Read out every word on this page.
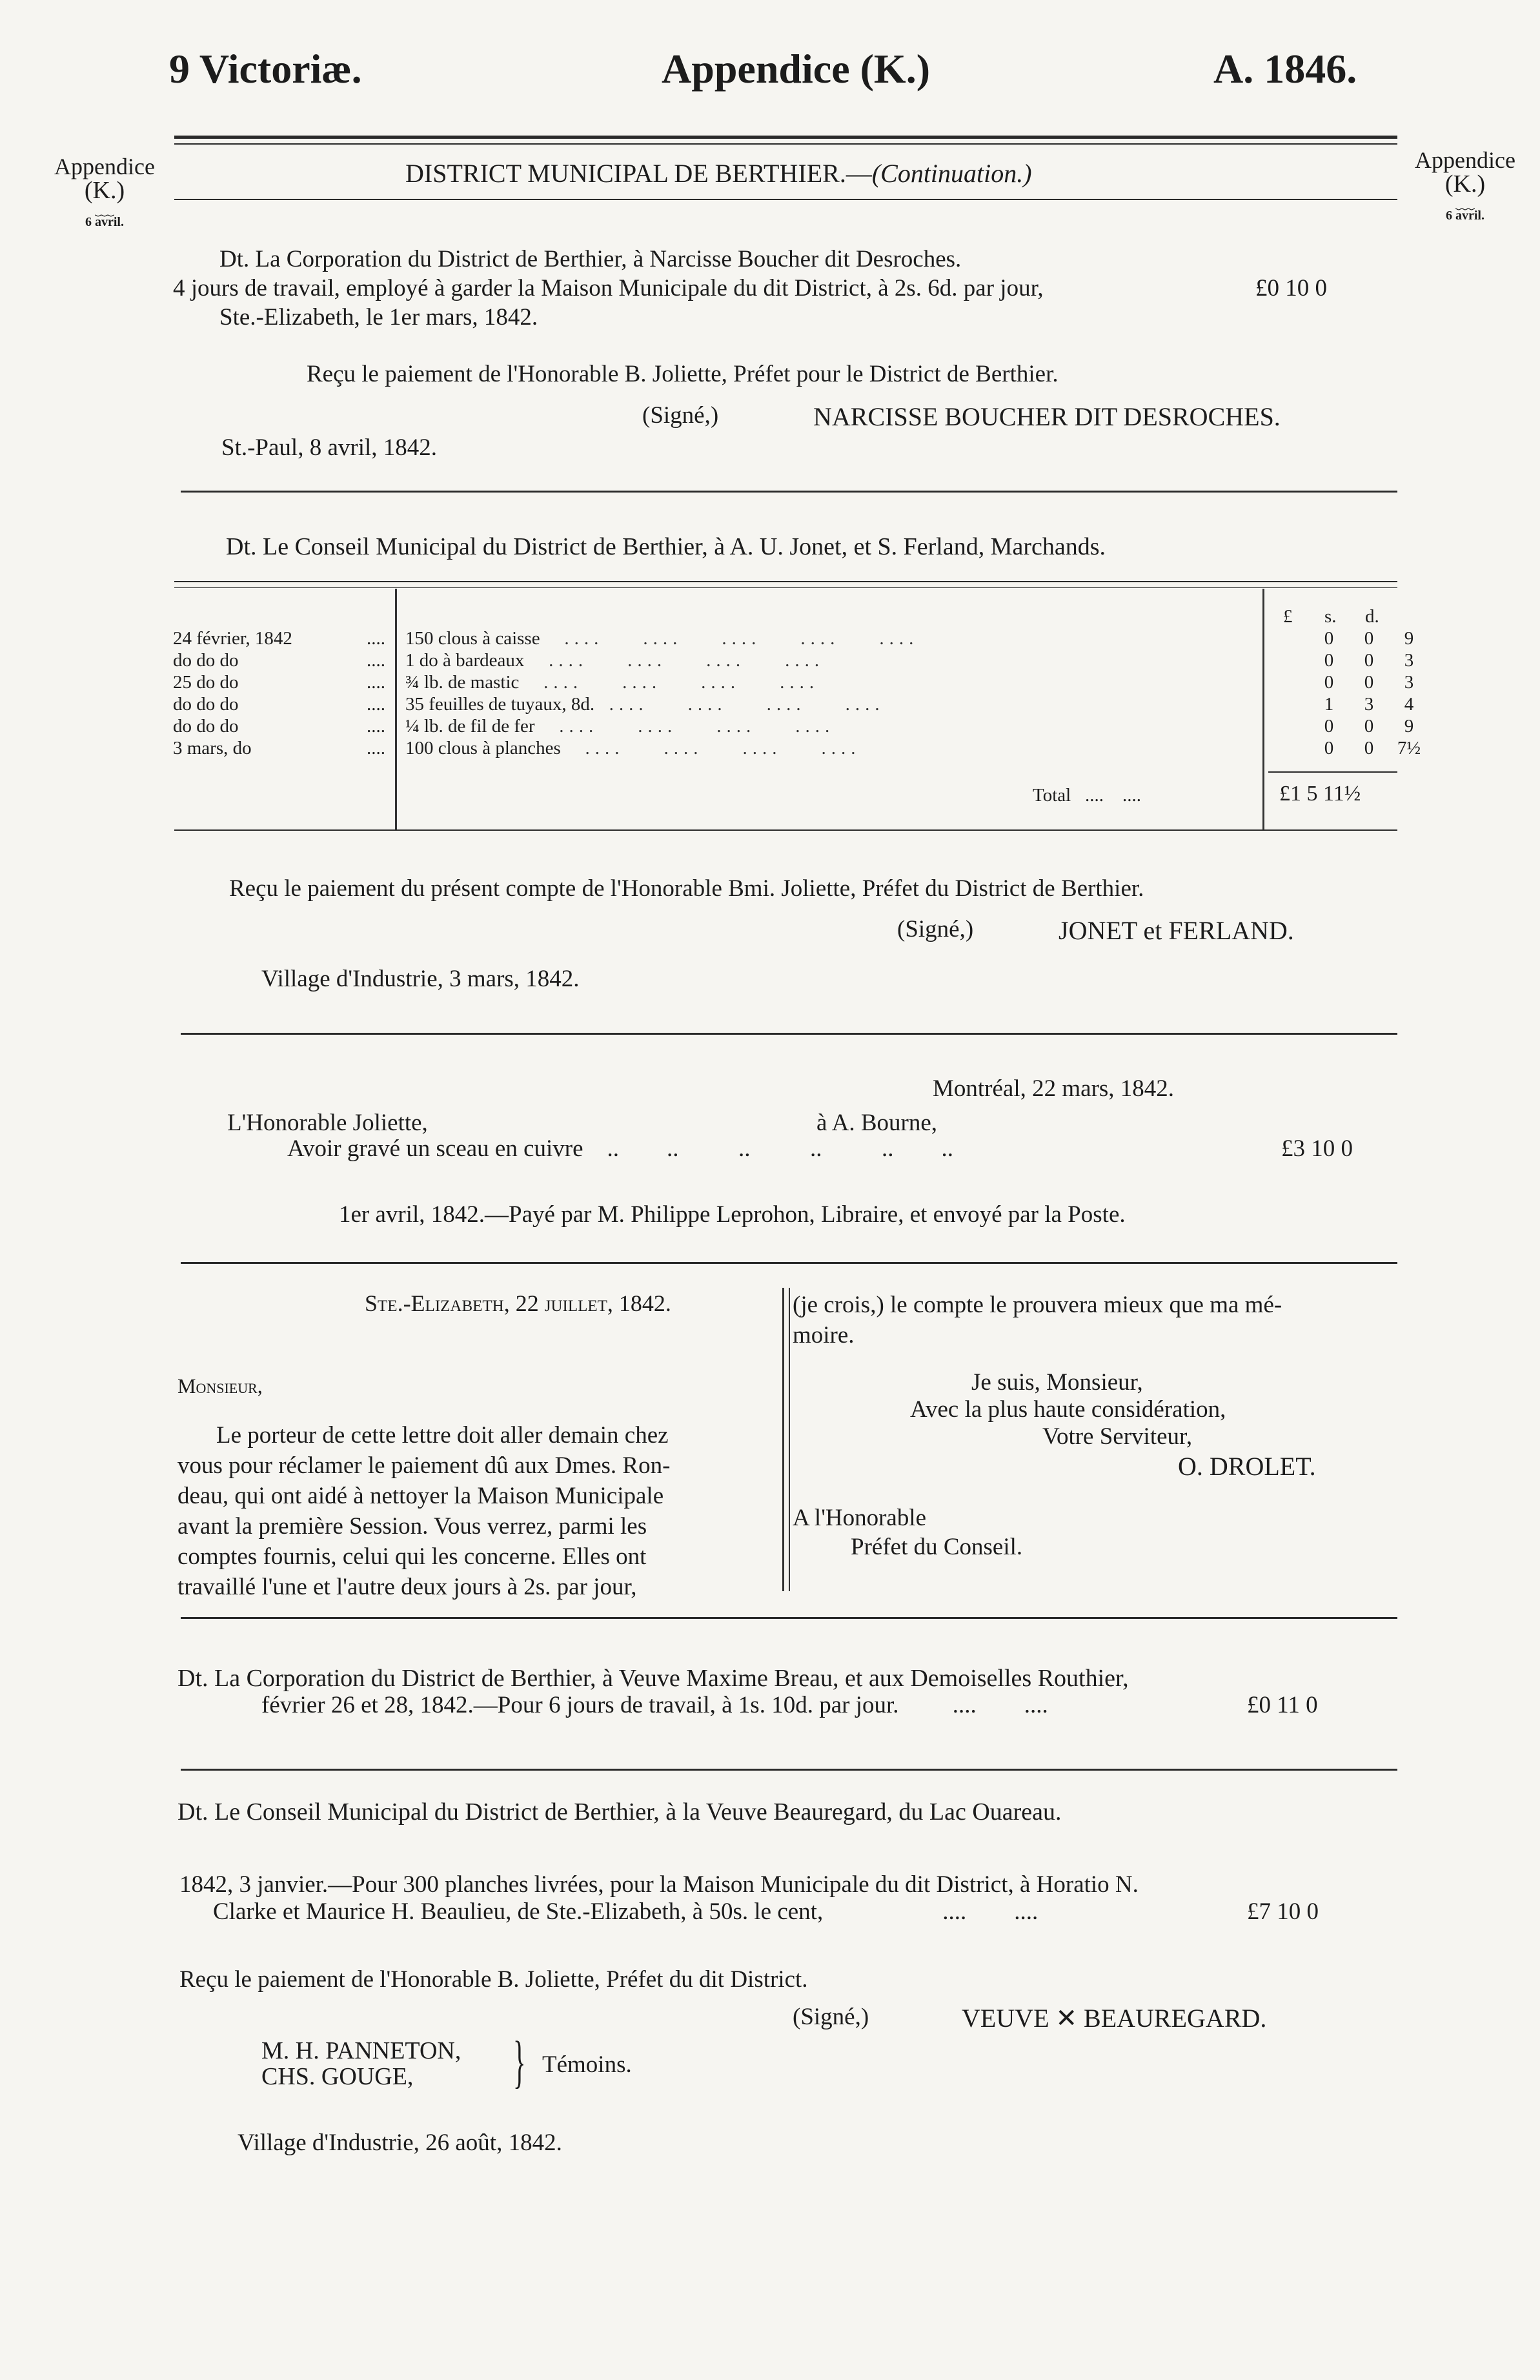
9 Victoriæ.	Appendice (K.)	A. 1846.
Appendice
(K.)
﹏
6 avril.
Appendice
(K.)
﹏
6 avril.
DISTRICT MUNICIPAL DE BERTHIER.—(Continuation.)
Dt. La Corporation du District de Berthier, à Narcisse Boucher dit Desroches.
4 jours de travail, employé à garder la Maison Municipale du dit District, à 2s. 6d. par jour,	£0 10 0
Ste.-Elizabeth, le 1er mars, 1842.
Reçu le paiement de l'Honorable B. Joliette, Préfet pour le District de Berthier.
(Signé,)	NARCISSE BOUCHER DIT DESROCHES.
St.-Paul, 8 avril, 1842.
Dt. Le Conseil Municipal du District de Berthier, à A. U. Jonet, et S. Ferland, Marchands.
£ s. d.
24 février, 1842	....	150 clous à caisse   ....    ....    ....    ....    ....	0	0	9
do do do	....	1 do à bardeaux   ....    ....    ....    ....	0	0	3
25 do do	....	¾ lb. de mastic   ....    ....    ....    ....	0	0	3
do do do	....	35 feuilles de tuyaux, 8d.  ....    ....    ....    ....	1	3	4
do do do	....	¼ lb. de fil de fer   ....    ....    ....    ....	0	0	9
3 mars, do	....	100 clous à planches   ....    ....    ....    ....	0	0	7½
Total   ....    ....	£1 5 11½
Reçu le paiement du présent compte de l'Honorable Bmi. Joliette, Préfet du District de Berthier.
(Signé,)	JONET et FERLAND.
Village d'Industrie, 3 mars, 1842.
Montréal, 22 mars, 1842.
L'Honorable Joliette,	à A. Bourne,
Avoir gravé un sceau en cuivre    ..        ..          ..          ..          ..        ..	£3 10 0
1er avril, 1842.—Payé par M. Philippe Leprohon, Libraire, et envoyé par la Poste.
Ste.-Elizabeth, 22 juillet, 1842.
Monsieur,
Le porteur de cette lettre doit aller demain chez
vous pour réclamer le paiement dû aux Dmes. Ron-
deau, qui ont aidé à nettoyer la Maison Municipale
avant la première Session. Vous verrez, parmi les
comptes fournis, celui qui les concerne. Elles ont
travaillé l'une et l'autre deux jours à 2s. par jour,
(je crois,) le compte le prouvera mieux que ma mé-
moire.
Je suis, Monsieur,
Avec la plus haute considération,
Votre Serviteur,
O. DROLET.
A l'Honorable
Préfet du Conseil.
Dt. La Corporation du District de Berthier, à Veuve Maxime Breau, et aux Demoiselles Routhier,
février 26 et 28, 1842.—Pour 6 jours de travail, à 1s. 10d. par jour.         ....        ....	£0 11 0
Dt. Le Conseil Municipal du District de Berthier, à la Veuve Beauregard, du Lac Ouareau.
1842, 3 janvier.—Pour 300 planches livrées, pour la Maison Municipale du dit District, à Horatio N.
Clarke et Maurice H. Beaulieu, de Ste.-Elizabeth, à 50s. le cent,                    ....        ....	£7 10 0
Reçu le paiement de l'Honorable B. Joliette, Préfet du dit District.
(Signé,)	VEUVE ✕ BEAUREGARD.
M. H. PANNETON,
CHS. GOUGE, } Témoins.
Village d'Industrie, 26 août, 1842.
